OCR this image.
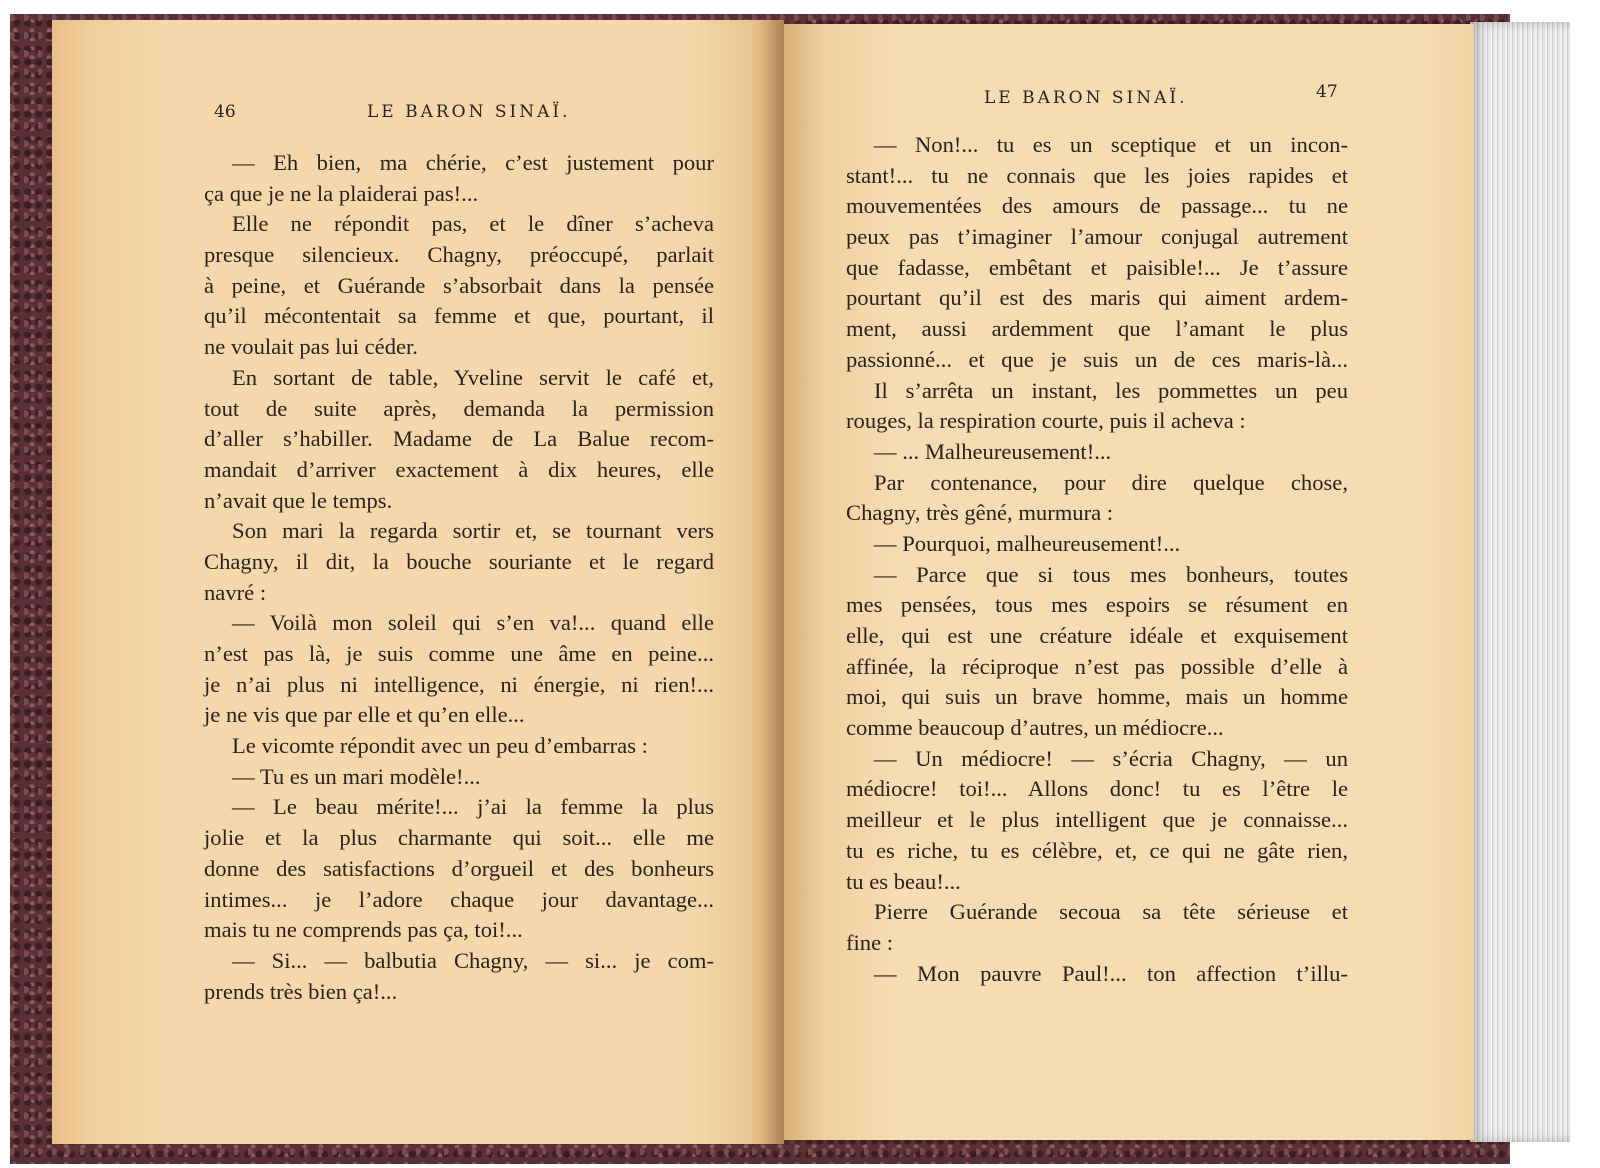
46	LE BARON SINAÏ.
— Eh bien, ma chérie, c’est justement pour
ça que je ne la plaiderai pas!...
Elle ne répondit pas, et le dîner s’acheva
presque silencieux. Chagny, préoccupé, parlait
à peine, et Guérande s’absorbait dans la pensée
qu’il mécontentait sa femme et que, pourtant, il
ne voulait pas lui céder.
En sortant de table, Yveline servit le café et,
tout de suite après, demanda la permission
d’aller s’habiller. Madame de La Balue recom-
mandait d’arriver exactement à dix heures, elle
n’avait que le temps.
Son mari la regarda sortir et, se tournant vers
Chagny, il dit, la bouche souriante et le regard
navré :
— Voilà mon soleil qui s’en va!... quand elle
n’est pas là, je suis comme une âme en peine...
je n’ai plus ni intelligence, ni énergie, ni rien!...
je ne vis que par elle et qu’en elle...
Le vicomte répondit avec un peu d’embarras :
— Tu es un mari modèle!...
— Le beau mérite!... j’ai la femme la plus
jolie et la plus charmante qui soit... elle me
donne des satisfactions d’orgueil et des bonheurs
intimes... je l’adore chaque jour davantage...
mais tu ne comprends pas ça, toi!...
— Si... — balbutia Chagny, — si... je com-
prends très bien ça!...
LE BARON SINAÏ.	47
— Non!... tu es un sceptique et un incon-
stant!... tu ne connais que les joies rapides et
mouvementées des amours de passage... tu ne
peux pas t’imaginer l’amour conjugal autrement
que fadasse, embêtant et paisible!... Je t’assure
pourtant qu’il est des maris qui aiment ardem-
ment, aussi ardemment que l’amant le plus
passionné... et que je suis un de ces maris-là...
Il s’arrêta un instant, les pommettes un peu
rouges, la respiration courte, puis il acheva :
— ... Malheureusement!...
Par contenance, pour dire quelque chose,
Chagny, très gêné, murmura :
— Pourquoi, malheureusement!...
— Parce que si tous mes bonheurs, toutes
mes pensées, tous mes espoirs se résument en
elle, qui est une créature idéale et exquisement
affinée, la réciproque n’est pas possible d’elle à
moi, qui suis un brave homme, mais un homme
comme beaucoup d’autres, un médiocre...
— Un médiocre! — s’écria Chagny, — un
médiocre! toi!... Allons donc! tu es l’être le
meilleur et le plus intelligent que je connaisse...
tu es riche, tu es célèbre, et, ce qui ne gâte rien,
tu es beau!...
Pierre Guérande secoua sa tête sérieuse et
fine :
— Mon pauvre Paul!... ton affection t’illu-
